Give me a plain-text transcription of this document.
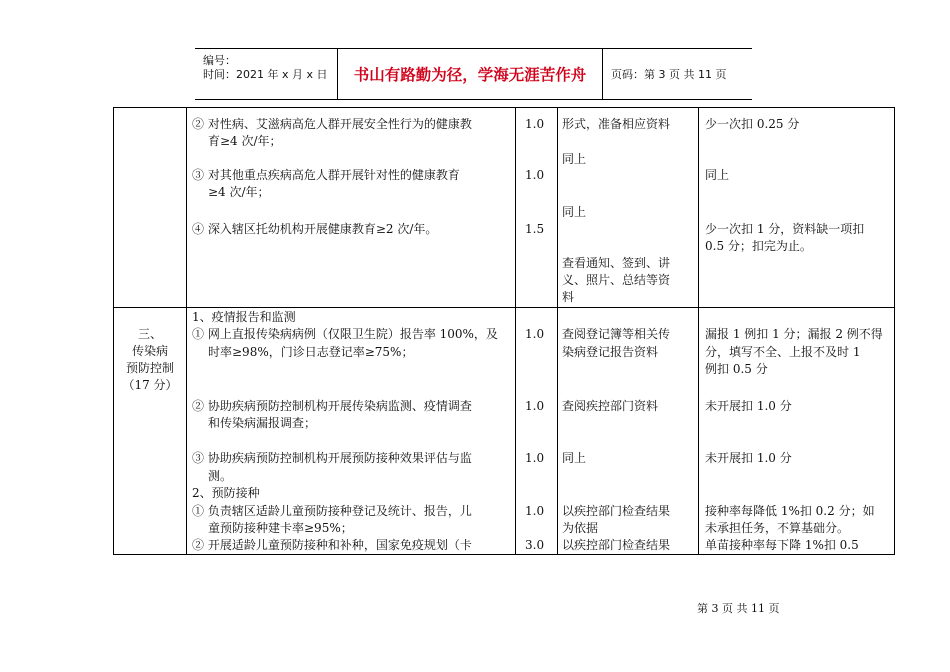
编号：
时间：2021 年 x 月 x 日	书山有路勤为径，学海无涯苦作舟	页码：第 3 页 共 11 页
三、
传染病
预防控制
（17 分）
② 对性病、艾滋病高危人群开展安全性行为的健康教
育≥4 次/年；
③ 对其他重点疾病高危人群开展针对性的健康教育
≥4 次/年；
④ 深入辖区托幼机构开展健康教育≥2 次/年。
1、疫情报告和监测
① 网上直报传染病病例（仅限卫生院）报告率 100%，及
时率≥98%，门诊日志登记率≥75%；
② 协助疾病预防控制机构开展传染病监测、疫情调查
和传染病漏报调查；
③ 协助疾病预防控制机构开展预防接种效果评估与监
测。
2、预防接种
① 负责辖区适龄儿童预防接种登记及统计、报告，儿
童预防接种建卡率≥95%；
② 开展适龄儿童预防接种和补种，国家免疫规划（卡
1.0
1.0
1.5
1.0
1.0
1.0
1.0
3.0
形式，准备相应资料
同上
同上
查看通知、签到、讲
义、照片、总结等资
料
查阅登记簿等相关传
染病登记报告资料
查阅疾控部门资料
同上
以疾控部门检查结果
为依据
以疾控部门检查结果
少一次扣 0.25 分
同上
少一次扣 1 分，资料缺一项扣
0.5 分；扣完为止。
漏报 1 例扣 1 分；漏报 2 例不得
分，填写不全、上报不及时 1
例扣 0.5 分
未开展扣 1.0 分
未开展扣 1.0 分
接种率每降低 1%扣 0.2 分；如
未承担任务，不算基础分。
单苗接种率每下降 1%扣 0.5
第 3 页 共 11 页
